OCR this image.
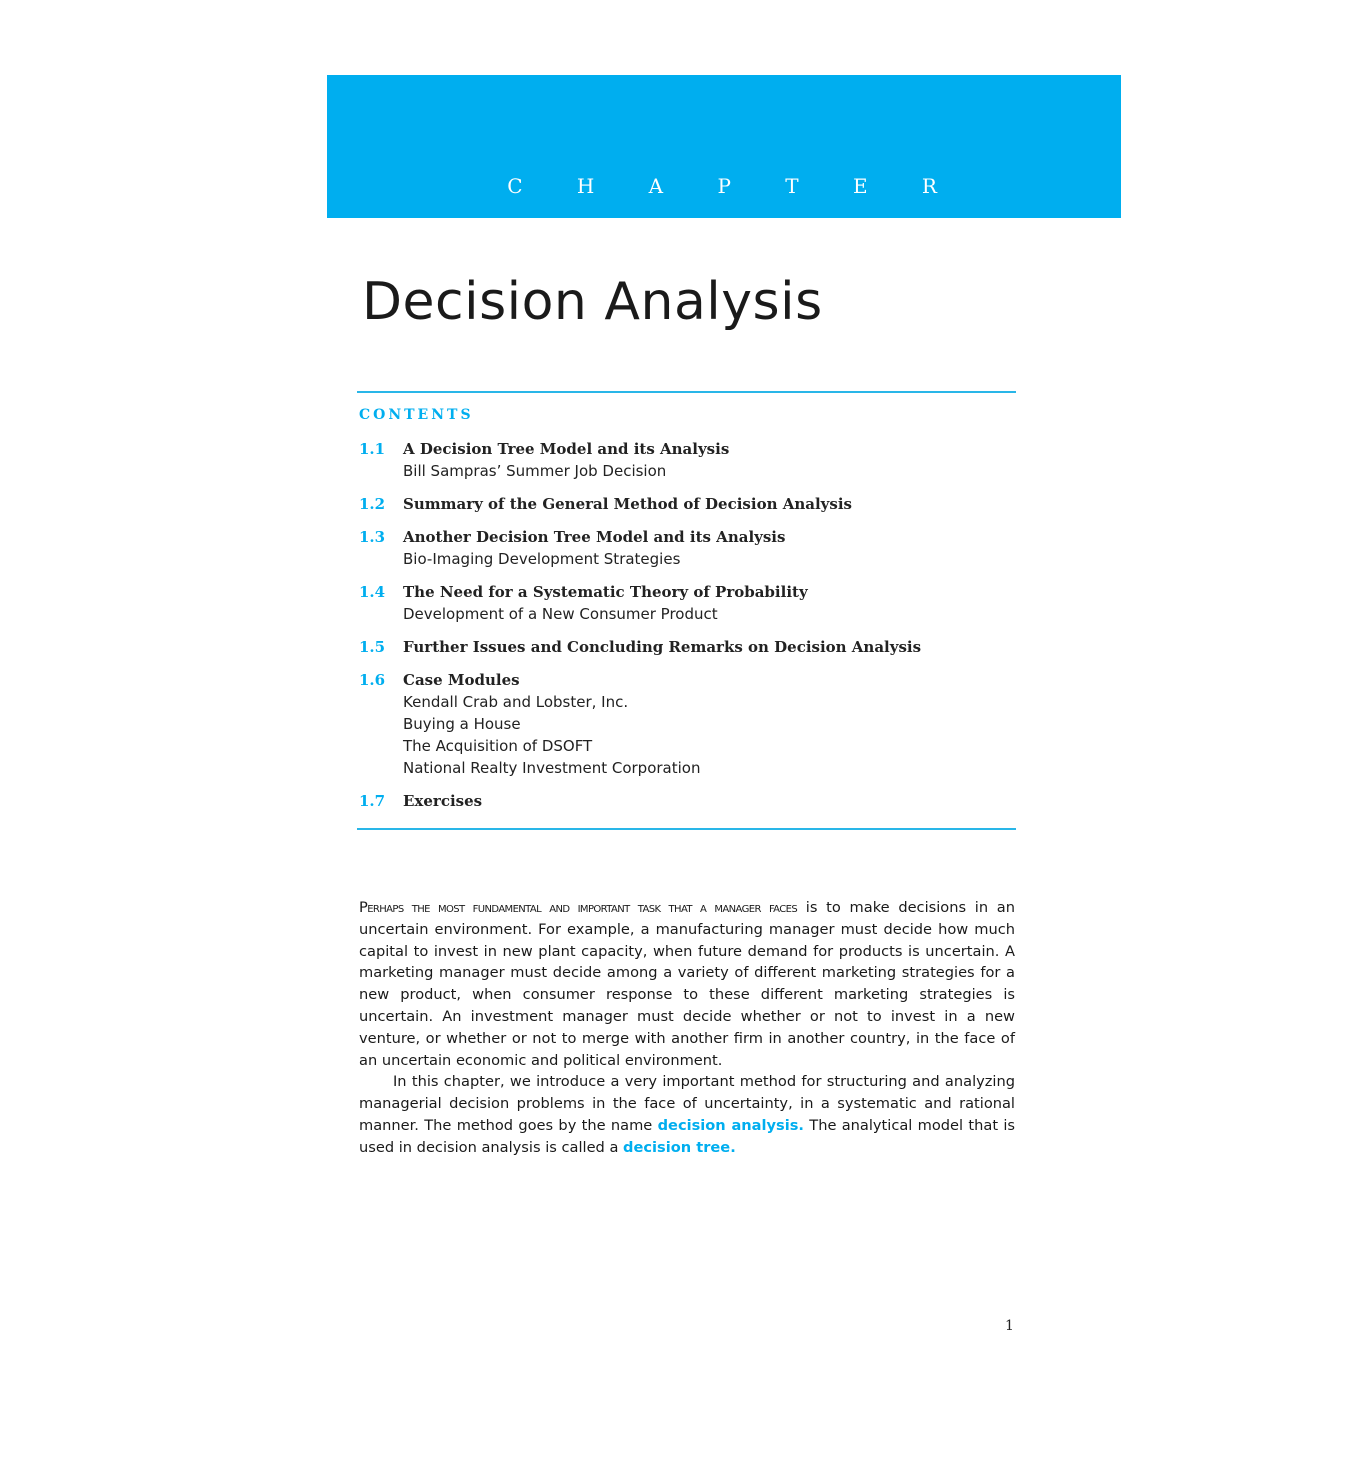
C H A P T E R	1
Decision Analysis
CONTENTS
1.1 A Decision Tree Model and its Analysis
Bill Sampras’ Summer Job Decision
1.2 Summary of the General Method of Decision Analysis
1.3 Another Decision Tree Model and its Analysis
Bio-Imaging Development Strategies
1.4 The Need for a Systematic Theory of Probability
Development of a New Consumer Product
1.5 Further Issues and Concluding Remarks on Decision Analysis
1.6 Case Modules
Kendall Crab and Lobster, Inc.
Buying a House
The Acquisition of DSOFT
National Realty Investment Corporation
1.7 Exercises

Perhaps the most fundamental and important task that a manager faces is to make decisions in an uncertain environment. For example, a manufacturing manager must decide how much capital to invest in new plant capacity, when future demand for products is uncertain. A marketing manager must decide among a variety of different marketing strategies for a new product, when consumer response to these different marketing strategies is uncertain. An investment manager must decide whether or not to invest in a new venture, or whether or not to merge with another firm in another country, in the face of an uncertain economic and political environment.

In this chapter, we introduce a very important method for structuring and analyzing managerial decision problems in the face of uncertainty, in a systematic and rational manner. The method goes by the name decision analysis. The analytical model that is used in decision analysis is called a decision tree.

1
